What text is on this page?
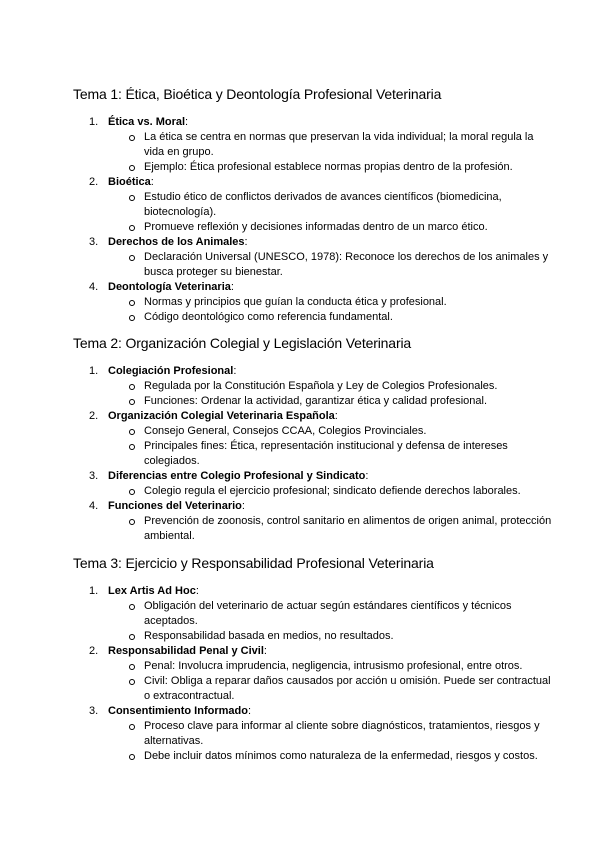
Tema 1: Ética, Bioética y Deontología Profesional Veterinaria
1. Ética vs. Moral:
La ética se centra en normas que preservan la vida individual; la moral regula la vida en grupo.
Ejemplo: Ética profesional establece normas propias dentro de la profesión.
2. Bioética:
Estudio ético de conflictos derivados de avances científicos (biomedicina, biotecnología).
Promueve reflexión y decisiones informadas dentro de un marco ético.
3. Derechos de los Animales:
Declaración Universal (UNESCO, 1978): Reconoce los derechos de los animales y busca proteger su bienestar.
4. Deontología Veterinaria:
Normas y principios que guían la conducta ética y profesional.
Código deontológico como referencia fundamental.
Tema 2: Organización Colegial y Legislación Veterinaria
1. Colegiación Profesional:
Regulada por la Constitución Española y Ley de Colegios Profesionales.
Funciones: Ordenar la actividad, garantizar ética y calidad profesional.
2. Organización Colegial Veterinaria Española:
Consejo General, Consejos CCAA, Colegios Provinciales.
Principales fines: Ética, representación institucional y defensa de intereses colegiados.
3. Diferencias entre Colegio Profesional y Sindicato:
Colegio regula el ejercicio profesional; sindicato defiende derechos laborales.
4. Funciones del Veterinario:
Prevención de zoonosis, control sanitario en alimentos de origen animal, protección ambiental.
Tema 3: Ejercicio y Responsabilidad Profesional Veterinaria
1. Lex Artis Ad Hoc:
Obligación del veterinario de actuar según estándares científicos y técnicos aceptados.
Responsabilidad basada en medios, no resultados.
2. Responsabilidad Penal y Civil:
Penal: Involucra imprudencia, negligencia, intrusismo profesional, entre otros.
Civil: Obliga a reparar daños causados por acción u omisión. Puede ser contractual o extracontractual.
3. Consentimiento Informado:
Proceso clave para informar al cliente sobre diagnósticos, tratamientos, riesgos y alternativas.
Debe incluir datos mínimos como naturaleza de la enfermedad, riesgos y costos.
